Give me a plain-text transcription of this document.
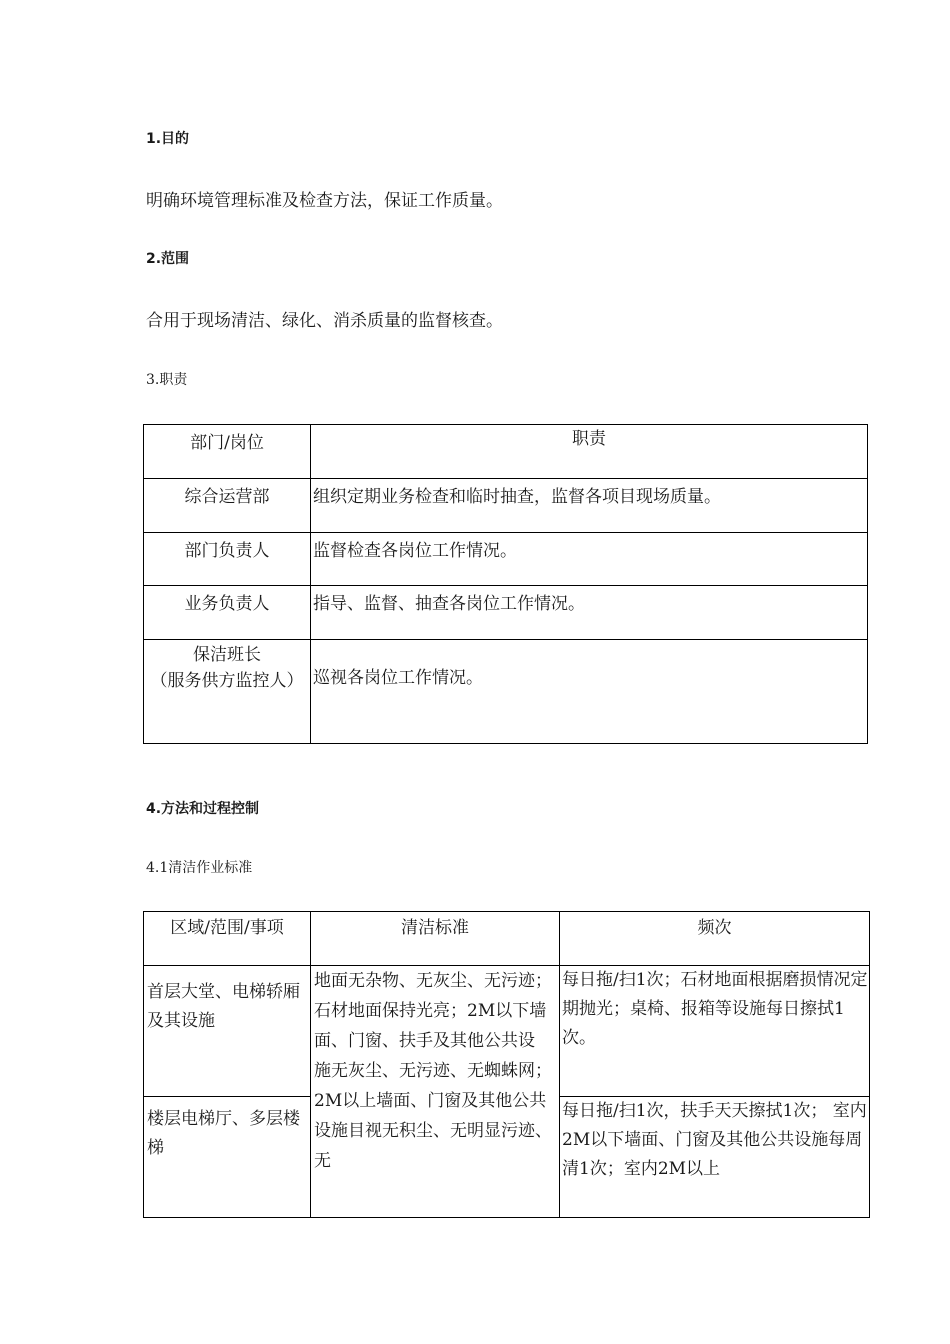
1.目的
明确环境管理标准及检查方法，保证工作质量。
2.范围
合用于现场清洁、绿化、消杀质量的监督核查。
3.职责
部门/岗位	职责
综合运营部	组织定期业务检查和临时抽查，监督各项目现场质量。
部门负责人	监督检查各岗位工作情况。
业务负责人	指导、监督、抽查各岗位工作情况。

保洁班长
（服务供方监控人）	巡视各岗位工作情况。
4.方法和过程控制
4.1清洁作业标准
区域/范围/事项	清洁标准	频次
首层大堂、电梯轿厢及其设施	地面无杂物、无灰尘、无污迹； 石材地面保持光亮；2M以下墙 面、门窗、扶手及其他公共设 施无灰尘、无污迹、无蜘蛛网； 2M以上墙面、门窗及其他公共 设施目视无积尘、无明显污迹、 无	每日拖/扫1次；石材地面根据磨损情况定期抛光；桌椅、报箱等设施每日擦拭1次。
楼层电梯厅、多层楼梯		每日拖/扫1次，扶手天天擦拭1次； 室内2M以下墙面、门窗及其他公共设施每周清1次；室内2M以上
